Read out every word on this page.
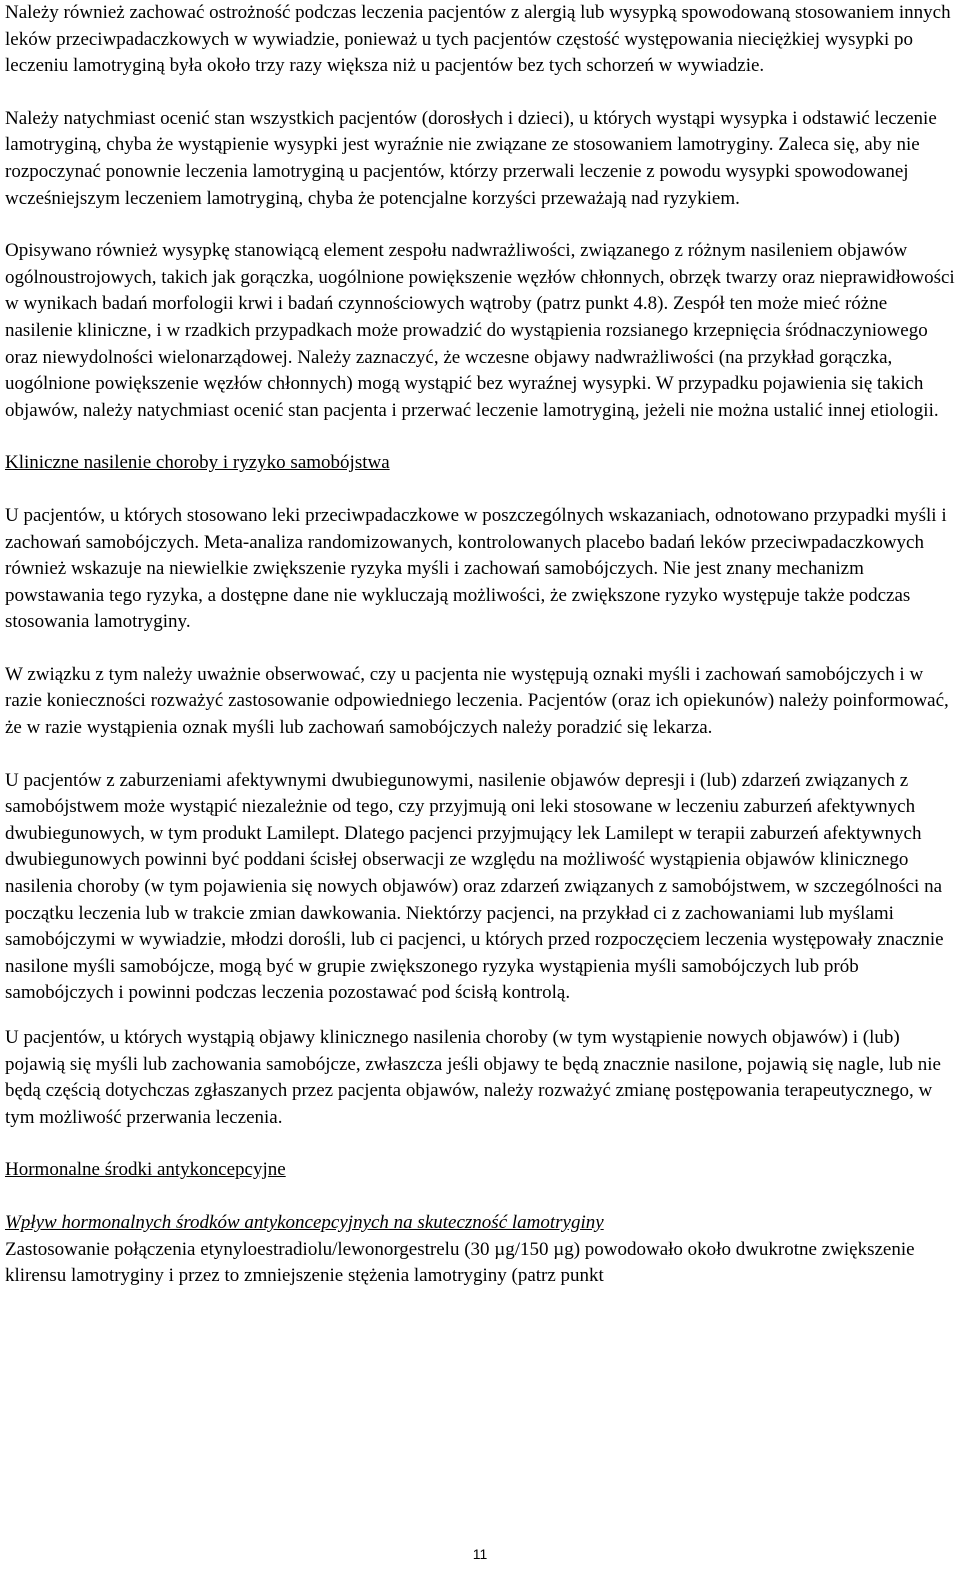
Należy również zachować ostrożność podczas leczenia pacjentów z alergią lub wysypką spowodowaną stosowaniem innych leków przeciwpadaczkowych w wywiadzie, ponieważ u tych pacjentów częstość występowania nieciężkiej wysypki po leczeniu lamotryginą była około trzy razy większa niż u pacjentów bez tych schorzeń w wywiadzie.

Należy natychmiast ocenić stan wszystkich pacjentów (dorosłych i dzieci), u których wystąpi wysypka i odstawić leczenie lamotryginą, chyba że wystąpienie wysypki jest wyraźnie nie związane ze stosowaniem lamotryginy. Zaleca się, aby nie rozpoczynać ponownie leczenia lamotryginą u pacjentów, którzy przerwali leczenie z powodu wysypki spowodowanej wcześniejszym leczeniem lamotryginą, chyba że potencjalne korzyści przeważają nad ryzykiem.

Opisywano również wysypkę stanowiącą element zespołu nadwrażliwości, związanego z różnym nasileniem objawów ogólnoustrojowych, takich jak gorączka, uogólnione powiększenie węzłów chłonnych, obrzęk twarzy oraz nieprawidłowości w wynikach badań morfologii krwi i badań czynnościowych wątroby (patrz punkt 4.8). Zespół ten może mieć różne nasilenie kliniczne, i w rzadkich przypadkach może prowadzić do wystąpienia rozsianego krzepnięcia śródnaczyniowego oraz niewydolności wielonarządowej. Należy zaznaczyć, że wczesne objawy nadwrażliwości (na przykład gorączka, uogólnione powiększenie węzłów chłonnych) mogą wystąpić bez wyraźnej wysypki. W przypadku pojawienia się takich objawów, należy natychmiast ocenić stan pacjenta i przerwać leczenie lamotryginą, jeżeli nie można ustalić innej etiologii.

Kliniczne nasilenie choroby i ryzyko samobójstwa

U pacjentów, u których stosowano leki przeciwpadaczkowe w poszczególnych wskazaniach, odnotowano przypadki myśli i zachowań samobójczych. Meta-analiza randomizowanych, kontrolowanych placebo badań leków przeciwpadaczkowych również wskazuje na niewielkie zwiększenie ryzyka myśli i zachowań samobójczych. Nie jest znany mechanizm powstawania tego ryzyka, a dostępne dane nie wykluczają możliwości, że zwiększone ryzyko występuje także podczas stosowania lamotryginy.

W związku z tym należy uważnie obserwować, czy u pacjenta nie występują oznaki myśli i zachowań samobójczych i w razie konieczności rozważyć zastosowanie odpowiedniego leczenia. Pacjentów (oraz ich opiekunów) należy poinformować, że w razie wystąpienia oznak myśli lub zachowań samobójczych należy poradzić się lekarza.

U pacjentów z zaburzeniami afektywnymi dwubiegunowymi, nasilenie objawów depresji i (lub) zdarzeń związanych z samobójstwem może wystąpić niezależnie od tego, czy przyjmują oni leki stosowane w leczeniu zaburzeń afektywnych dwubiegunowych, w tym produkt Lamilept. Dlatego pacjenci przyjmujący lek Lamilept w terapii zaburzeń afektywnych dwubiegunowych powinni być poddani ścisłej obserwacji ze względu na możliwość wystąpienia objawów klinicznego nasilenia choroby (w tym pojawienia się nowych objawów) oraz zdarzeń związanych z samobójstwem, w szczególności na początku leczenia lub w trakcie zmian dawkowania. Niektórzy pacjenci, na przykład ci z zachowaniami lub myślami samobójczymi w wywiadzie, młodzi dorośli, lub ci pacjenci, u których przed rozpoczęciem leczenia występowały znacznie nasilone myśli samobójcze, mogą być w grupie zwiększonego ryzyka wystąpienia myśli samobójczych lub prób samobójczych i powinni podczas leczenia pozostawać pod ścisłą kontrolą.

U pacjentów, u których wystąpią objawy klinicznego nasilenia choroby (w tym wystąpienie nowych objawów) i (lub) pojawią się myśli lub zachowania samobójcze, zwłaszcza jeśli objawy te będą znacznie nasilone, pojawią się nagle, lub nie będą częścią dotychczas zgłaszanych przez pacjenta objawów, należy rozważyć zmianę postępowania terapeutycznego, w tym możliwość przerwania leczenia.

Hormonalne środki antykoncepcyjne

Wpływ hormonalnych środków antykoncepcyjnych na skuteczność lamotryginy

Zastosowanie połączenia etynyloestradiolu/lewonorgestrelu (30 µg/150 µg) powodowało około dwukrotne zwiększenie klirensu lamotryginy i przez to zmniejszenie stężenia lamotryginy (patrz punkt

11
